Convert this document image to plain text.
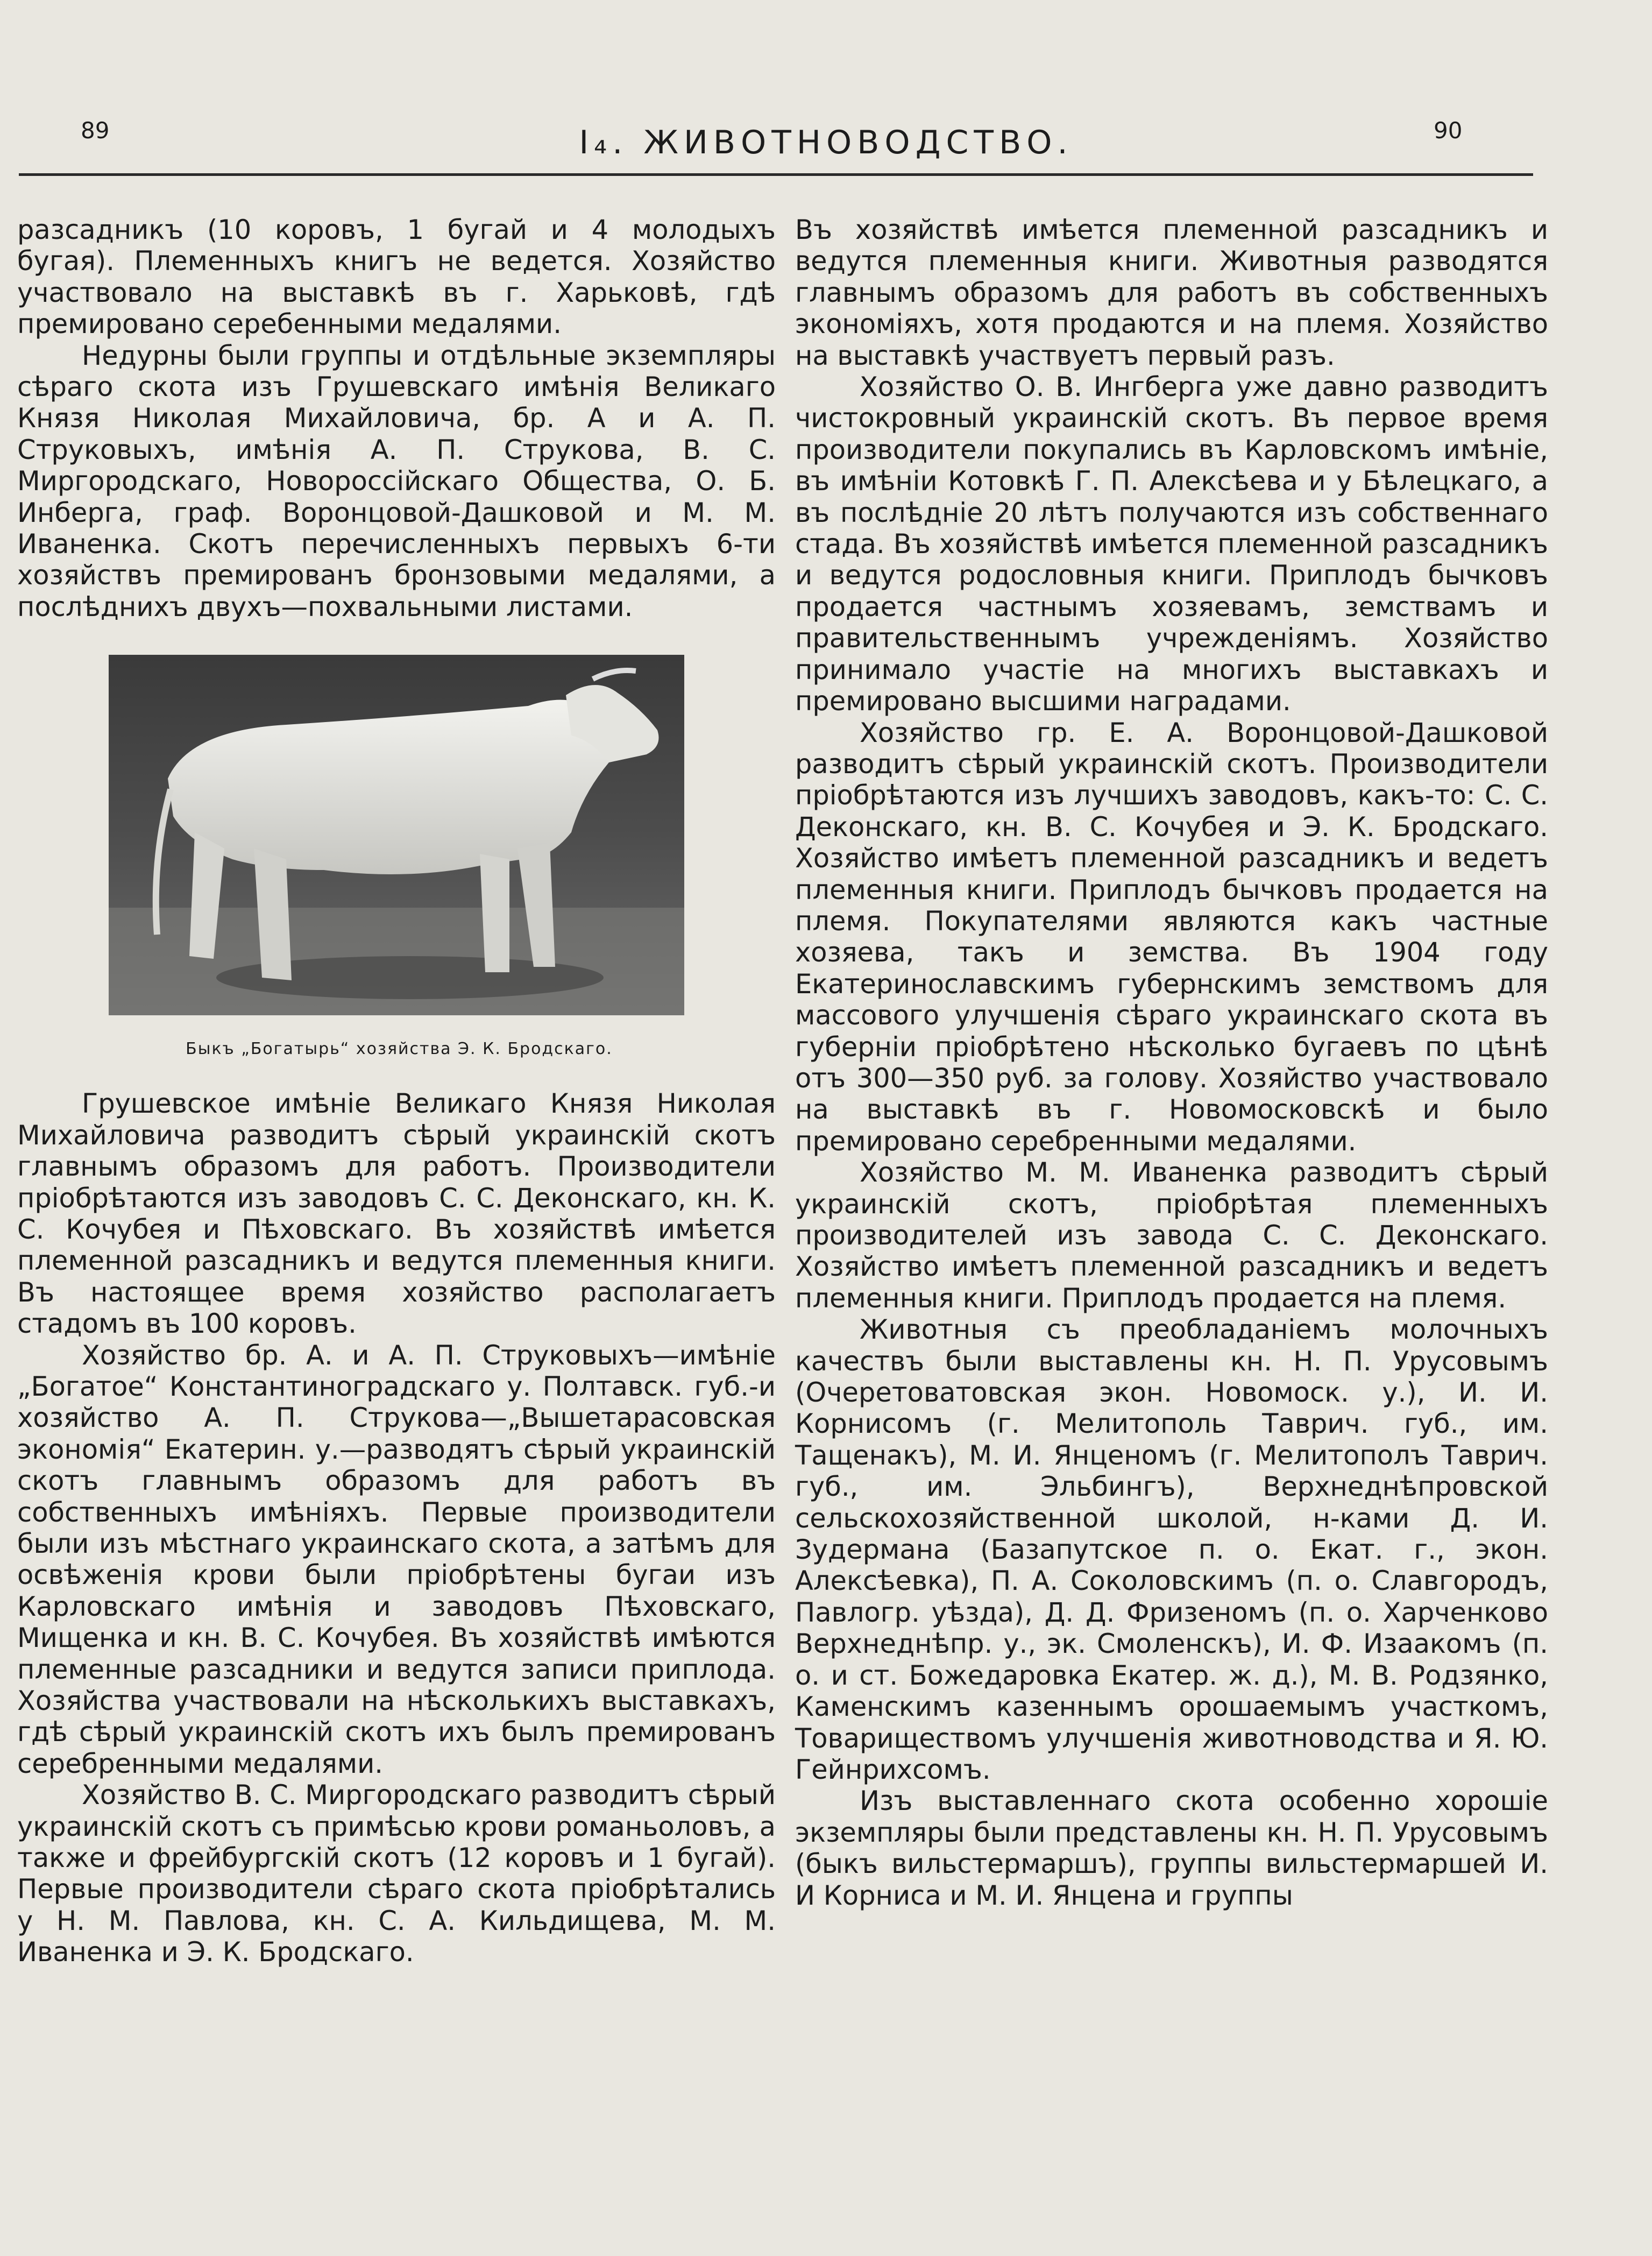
89	I₄. ЖИВОТНОВОДСТВО.	90

разсадникъ (10 коровъ, 1 бугай и 4 молодыхъ бугая). Племенныхъ книгъ не ведется. Хозяйство участвовало на выставкѣ въ г. Харьковѣ, гдѣ премировано серебенными медалями.

Недурны были группы и отдѣльные экземпляры сѣраго скота изъ Грушевскаго имѣнія Великаго Князя Николая Михайловича, бр. А и А. П. Струковыхъ, имѣнія А. П. Струкова, В. С. Миргородскаго, Новороссійскаго Общества, О. Б. Инберга, граф. Воронцовой-Дашковой и М. М. Иваненка. Скотъ перечисленныхъ первыхъ 6-ти хозяйствъ премированъ бронзовыми медалями, а послѣднихъ двухъ—похвальными листами.

Быкъ „Богатырь“ хозяйства Э. К. Бродскаго.

Грушевское имѣніе Великаго Князя Николая Михайловича разводитъ сѣрый украинскій скотъ главнымъ образомъ для работъ. Производители пріобрѣтаются изъ заводовъ С. С. Деконскаго, кн. К. С. Кочубея и Пѣховскаго. Въ хозяйствѣ имѣется племенной разсадникъ и ведутся племенныя книги. Въ настоящее время хозяйство располагаетъ стадомъ въ 100 коровъ.

Хозяйство бр. А. и А. П. Струковыхъ—имѣніе „Богатое“ Константиноградскаго у. Полтавск. губ.-и хозяйство А. П. Струкова—„Вышетарасовская экономія“ Екатерин. у.—разводятъ сѣрый украинскій скотъ главнымъ образомъ для работъ въ собственныхъ имѣніяхъ. Первые производители были изъ мѣстнаго украинскаго скота, а затѣмъ для освѣженія крови были пріобрѣтены бугаи изъ Карловскаго имѣнія и заводовъ Пѣховскаго, Мищенка и кн. В. С. Кочубея. Въ хозяйствѣ имѣются племенные разсадники и ведутся записи приплода. Хозяйства участвовали на нѣсколькихъ выставкахъ, гдѣ сѣрый украинскій скотъ ихъ былъ премированъ серебренными медалями.

Хозяйство В. С. Миргородскаго разводитъ сѣрый украинскій скотъ съ примѣсью крови романьоловъ, а также и фрейбургскій скотъ (12 коровъ и 1 бугай). Первые производители сѣраго скота пріобрѣтались у Н. М. Павлова, кн. С. А. Кильдищева, М. М. Иваненка и Э. К. Бродскаго.

Въ хозяйствѣ имѣется племенной разсадникъ и ведутся племенныя книги. Животныя разводятся главнымъ образомъ для работъ въ собственныхъ экономіяхъ, хотя продаются и на племя. Хозяйство на выставкѣ участвуетъ первый разъ.

Хозяйство О. В. Ингберга уже давно разводитъ чистокровный украинскій скотъ. Въ первое время производители покупались въ Карловскомъ имѣніе, въ имѣніи Котовкѣ Г. П. Алексѣева и у Бѣлецкаго, а въ послѣдніе 20 лѣтъ получаются изъ собственнаго стада. Въ хозяйствѣ имѣется племенной разсадникъ и ведутся родословныя книги. Приплодъ бычковъ продается частнымъ хозяевамъ, земствамъ и правительственнымъ учрежденіямъ. Хозяйство принимало участіе на многихъ выставкахъ и премировано высшими наградами.

Хозяйство гр. Е. А. Воронцовой-Дашковой разводитъ сѣрый украинскій скотъ. Производители пріобрѣтаются изъ лучшихъ заводовъ, какъ-то: С. С. Деконскаго, кн. В. С. Кочубея и Э. К. Бродскаго. Хозяйство имѣетъ племенной разсадникъ и ведетъ племенныя книги. Приплодъ бычковъ продается на племя. Покупателями являются какъ частные хозяева, такъ и земства. Въ 1904 году Екатеринославскимъ губернскимъ земствомъ для массового улучшенія сѣраго украинскаго скота въ губерніи пріобрѣтено нѣсколько бугаевъ по цѣнѣ отъ 300—350 руб. за голову. Хозяйство участвовало на выставкѣ въ г. Новомосковскѣ и было премировано серебренными медалями.

Хозяйство М. М. Иваненка разводитъ сѣрый украинскій скотъ, пріобрѣтая племенныхъ производителей изъ завода С. С. Деконскаго. Хозяйство имѣетъ племенной разсадникъ и ведетъ племенныя книги. Приплодъ продается на племя.

Животныя съ преобладаніемъ молочныхъ качествъ были выставлены кн. Н. П. Урусовымъ (Очеретоватовская экон. Новомоск. у.), И. И. Корнисомъ (г. Мелитополь Таврич. губ., им. Тащенакъ), М. И. Янценомъ (г. Мелитополъ Таврич. губ., им. Эльбингъ), Верхнеднѣпровской сельскохозяйственной школой, н-ками Д. И. Зудермана (Базапутское п. о. Екат. г., экон. Алексѣевка), П. А. Соколовскимъ (п. о. Славгородъ, Павлогр. уѣзда), Д. Д. Фризеномъ (п. о. Харченково Верхнеднѣпр. у., эк. Смоленскъ), И. Ф. Изаакомъ (п. о. и ст. Божедаровка Екатер. ж. д.), М. В. Родзянко, Каменскимъ казеннымъ орошаемымъ участкомъ, Товариществомъ улучшенія животноводства и Я. Ю. Гейнрихсомъ.

Изъ выставленнаго скота особенно хорошіе экземпляры были представлены кн. Н. П. Урусовымъ (быкъ вильстермаршъ), группы вильстермаршей И. И Корниса и М. И. Янцена и группы
